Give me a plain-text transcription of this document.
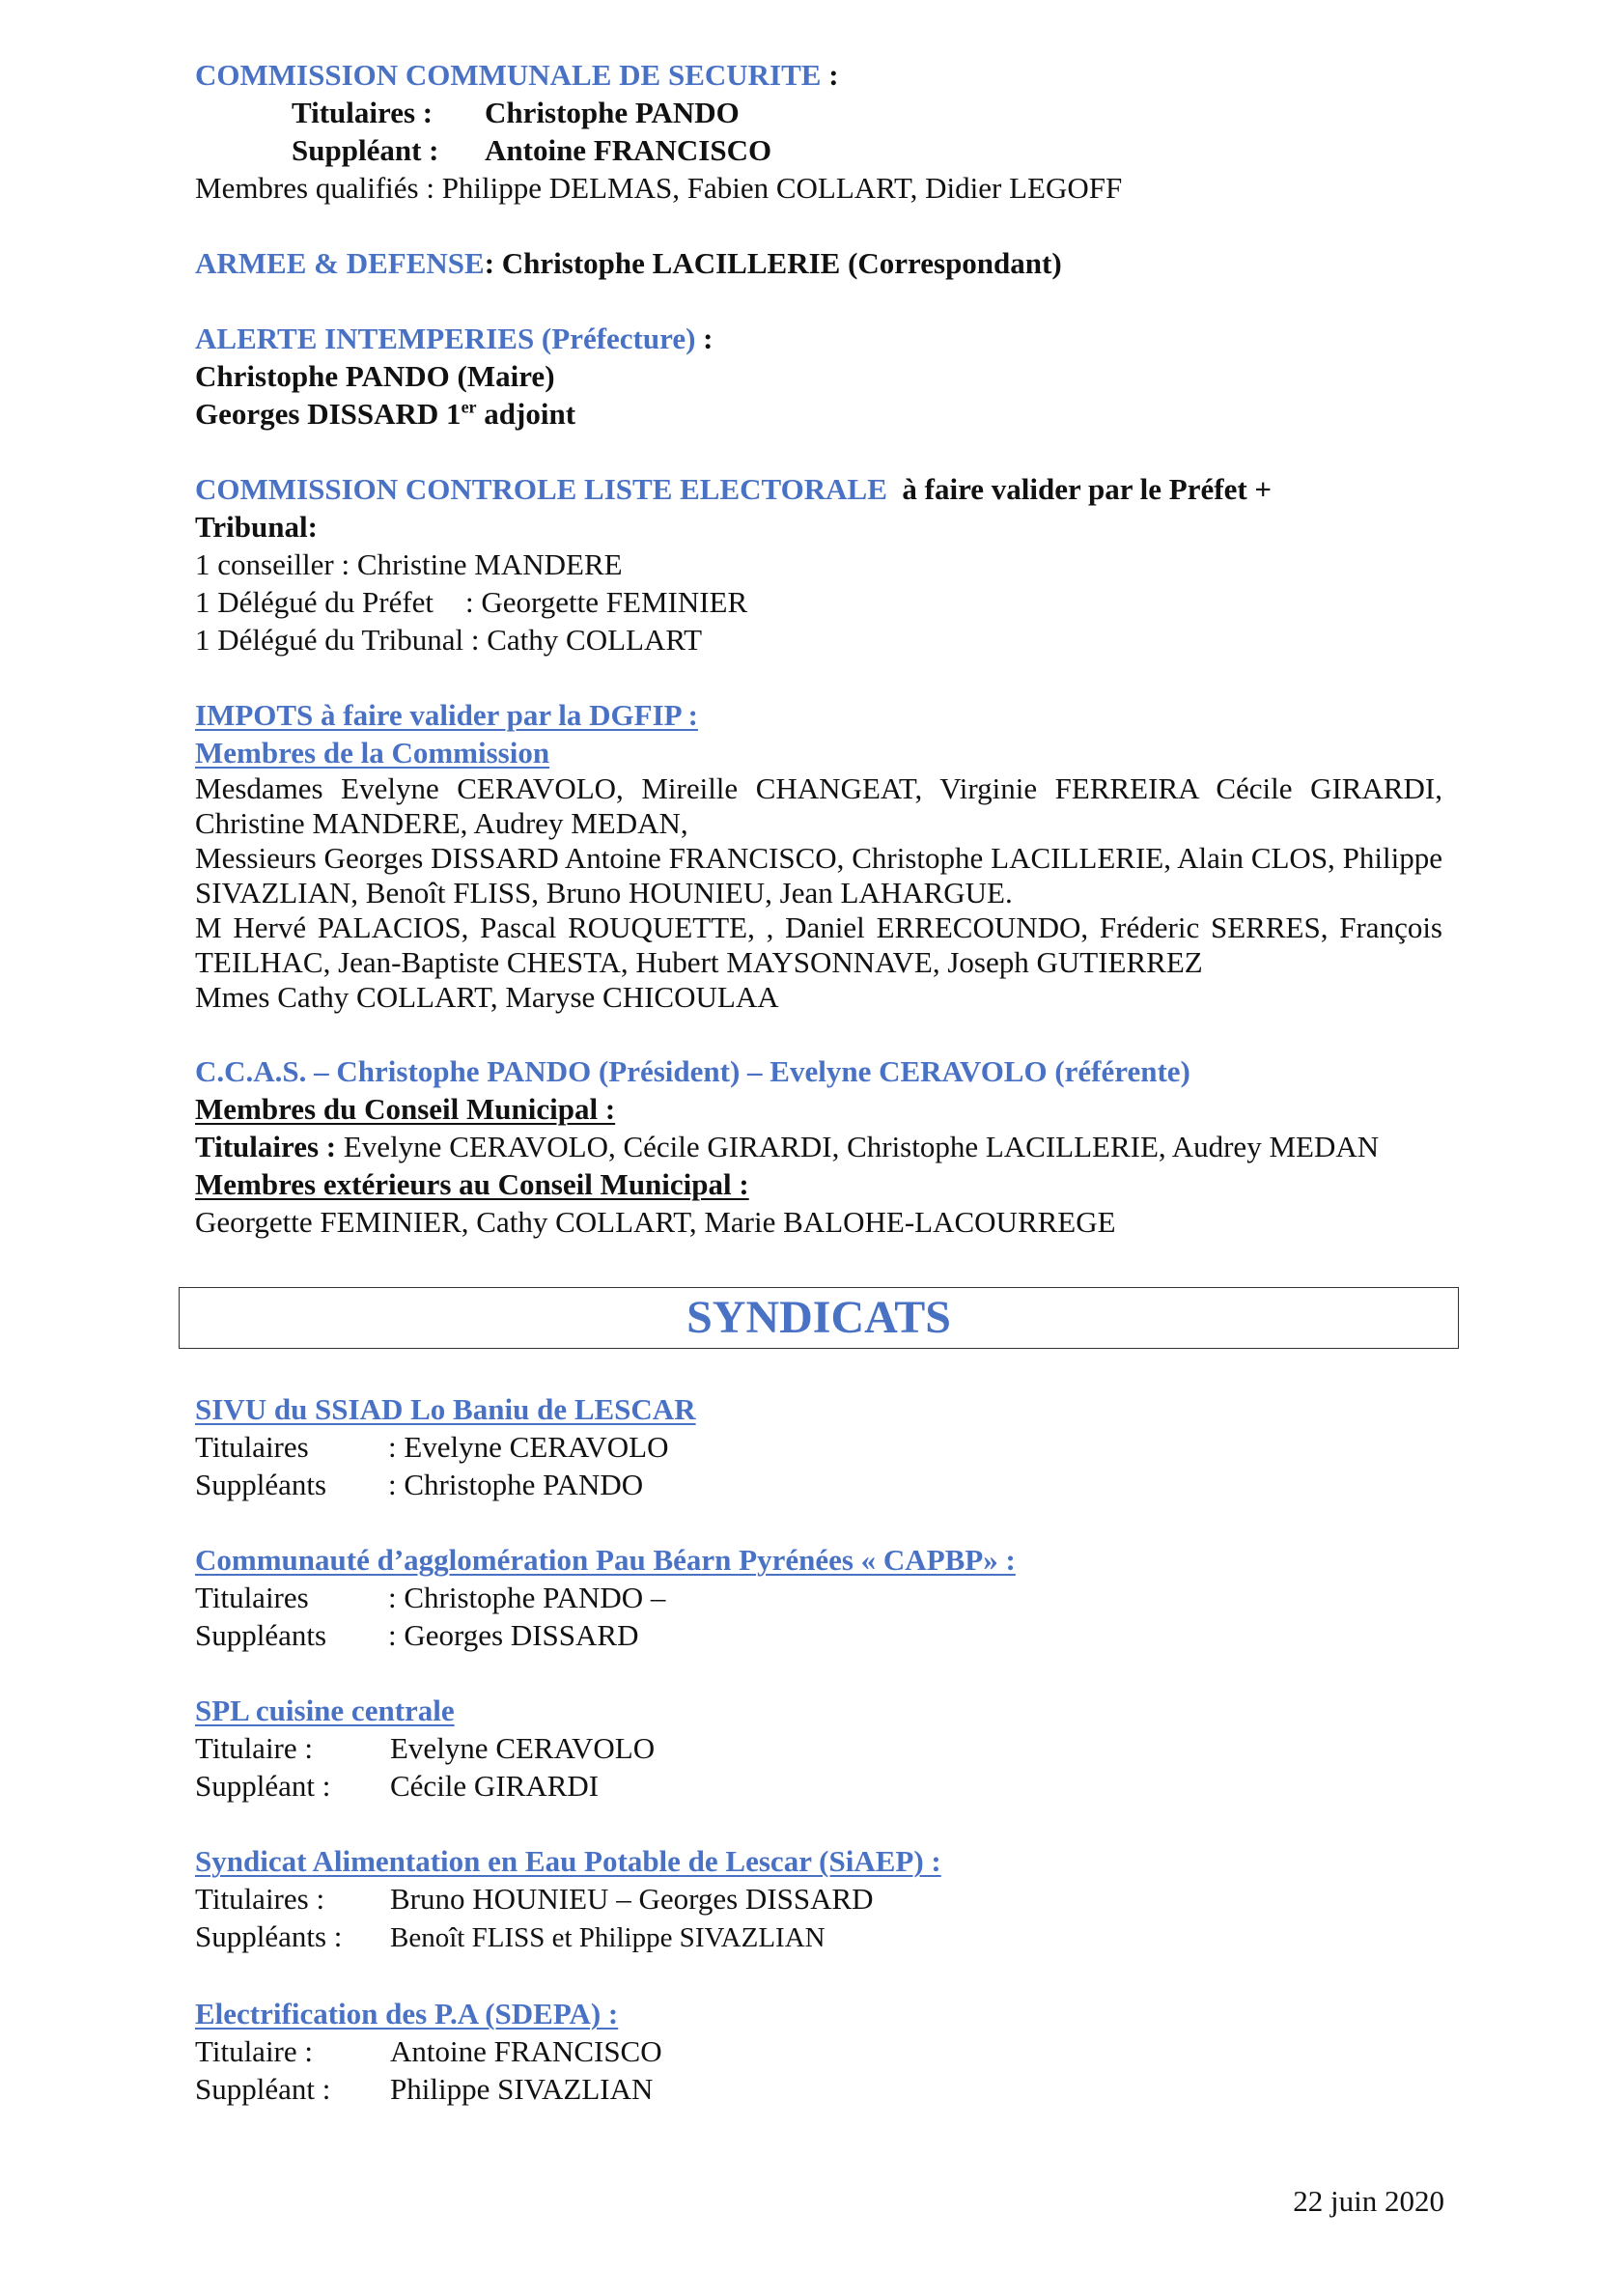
COMMISSION COMMUNALE DE SECURITE :
Titulaires : Christophe PANDO
Suppléant : Antoine FRANCISCO
Membres qualifiés : Philippe DELMAS, Fabien COLLART, Didier LEGOFF
ARMEE & DEFENSE: Christophe LACILLERIE (Correspondant)
ALERTE INTEMPERIES (Préfecture) :
Christophe PANDO (Maire)
Georges DISSARD 1er adjoint
COMMISSION CONTROLE LISTE ELECTORALE à faire valider par le Préfet +
Tribunal:
1 conseiller : Christine MANDERE
1 Délégué du Préfet : Georgette FEMINIER
1 Délégué du Tribunal : Cathy COLLART
IMPOTS à faire valider par la DGFIP :
Membres de la Commission
Mesdames Evelyne CERAVOLO, Mireille CHANGEAT, Virginie FERREIRA Cécile GIRARDI, Christine MANDERE, Audrey MEDAN,
Messieurs Georges DISSARD Antoine FRANCISCO, Christophe LACILLERIE, Alain CLOS, Philippe SIVAZLIAN, Benoît FLISS, Bruno HOUNIEU, Jean LAHARGUE.
M Hervé PALACIOS, Pascal ROUQUETTE, , Daniel ERRECOUNDO, Fréderic SERRES, François TEILHAC, Jean-Baptiste CHESTA, Hubert MAYSONNAVE, Joseph GUTIERREZ
Mmes Cathy COLLART, Maryse CHICOULAA
C.C.A.S. – Christophe PANDO (Président) – Evelyne CERAVOLO (référente)
Membres du Conseil Municipal :
Titulaires : Evelyne CERAVOLO, Cécile GIRARDI, Christophe LACILLERIE, Audrey MEDAN
Membres extérieurs au Conseil Municipal :
Georgette FEMINIER, Cathy COLLART, Marie BALOHE-LACOURREGE
SYNDICATS
SIVU du SSIAD Lo Baniu de LESCAR
Titulaires	: Evelyne CERAVOLO
Suppléants : Christophe PANDO
Communauté d’agglomération Pau Béarn Pyrénées « CAPBP» :
Titulaires	: Christophe PANDO –
Suppléants : Georges DISSARD
SPL cuisine centrale
Titulaire :	Evelyne CERAVOLO
Suppléant : Cécile GIRARDI
Syndicat Alimentation en Eau Potable de Lescar (SiAEP) :
Titulaires : Bruno HOUNIEU – Georges DISSARD
Suppléants : Benoît FLISS et Philippe SIVAZLIAN
Electrification des P.A (SDEPA) :
Titulaire :	Antoine FRANCISCO
Suppléant : Philippe SIVAZLIAN
22 juin 2020
